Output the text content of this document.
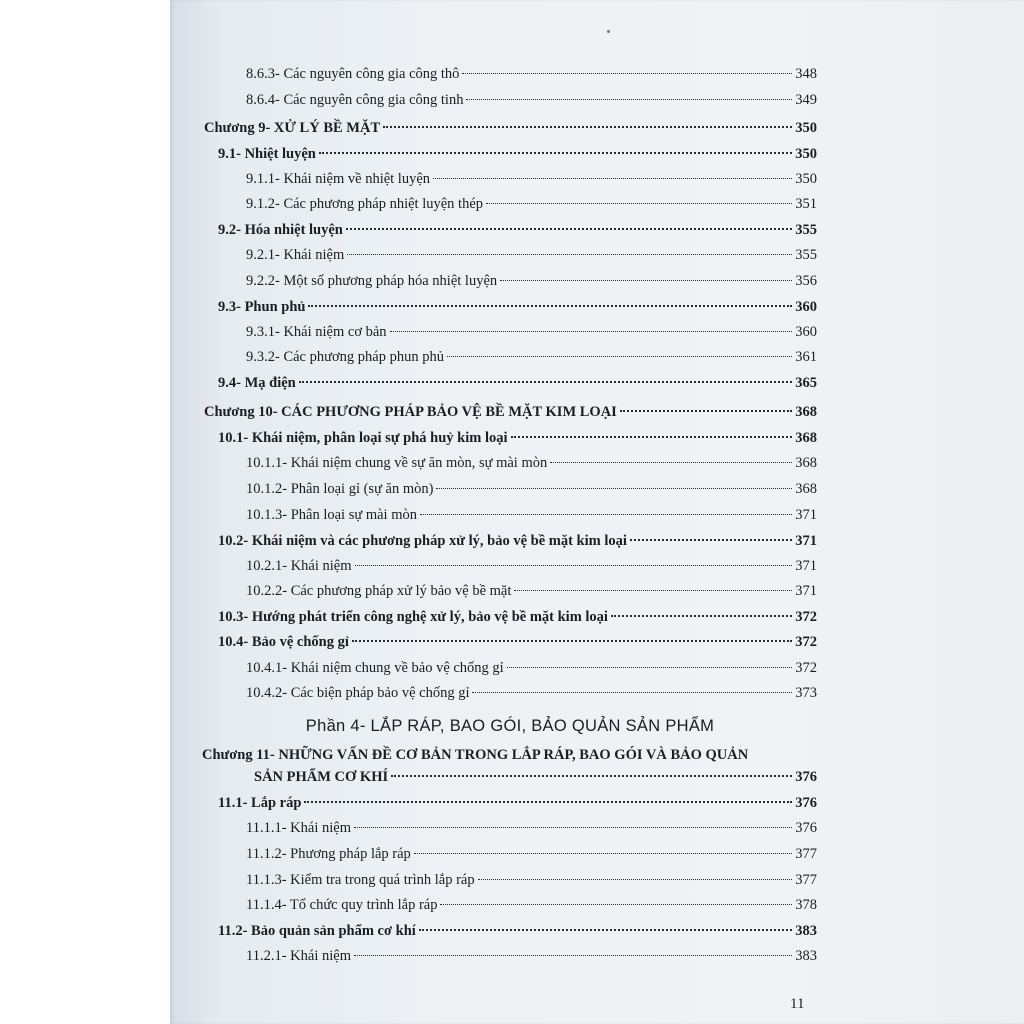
8.6.3- Các nguyên công gia công thô	348
8.6.4- Các nguyên công gia công tinh	349
Chương 9- XỬ LÝ BỀ MẶT	350
9.1- Nhiệt luyện	350
9.1.1- Khái niệm về nhiệt luyện	350
9.1.2- Các phương pháp nhiệt luyện thép	351
9.2- Hóa nhiệt luyện	355
9.2.1- Khái niệm	355
9.2.2- Một số phương pháp hóa nhiệt luyện	356
9.3- Phun phủ	360
9.3.1- Khái niệm cơ bản	360
9.3.2- Các phương pháp phun phủ	361
9.4- Mạ điện	365
Chương 10- CÁC PHƯƠNG PHÁP BẢO VỆ BỀ MẶT KIM LOẠI	368
10.1- Khái niệm, phân loại sự phá huỷ kim loại	368
10.1.1- Khái niệm chung về sự ăn mòn, sự mài mòn	368
10.1.2- Phân loại gỉ (sự ăn mòn)	368
10.1.3- Phân loại sự mài mòn	371
10.2- Khái niệm và các phương pháp xử lý, bảo vệ bề mặt kim loại	371
10.2.1- Khái niệm	371
10.2.2- Các phương pháp xử lý bảo vệ bề mặt	371
10.3- Hướng phát triển công nghệ xử lý, bảo vệ bề mặt kim loại	372
10.4- Bảo vệ chống gỉ	372
10.4.1- Khái niệm chung về bảo vệ chống gỉ	372
10.4.2- Các biện pháp bảo vệ chống gỉ	373
Phần 4- LẮP RÁP, BAO GÓI, BẢO QUẢN SẢN PHẨM
Chương 11- NHỮNG VẤN ĐỀ CƠ BẢN TRONG LẮP RÁP, BAO GÓI VÀ BẢO QUẢN
SẢN PHẨM CƠ KHÍ	376
11.1- Lắp ráp	376
11.1.1- Khái niệm	376
11.1.2- Phương pháp lắp ráp	377
11.1.3- Kiểm tra trong quá trình lắp ráp	377
11.1.4- Tổ chức quy trình lắp ráp	378
11.2- Bảo quản sản phẩm cơ khí	383
11.2.1- Khái niệm	383
11
